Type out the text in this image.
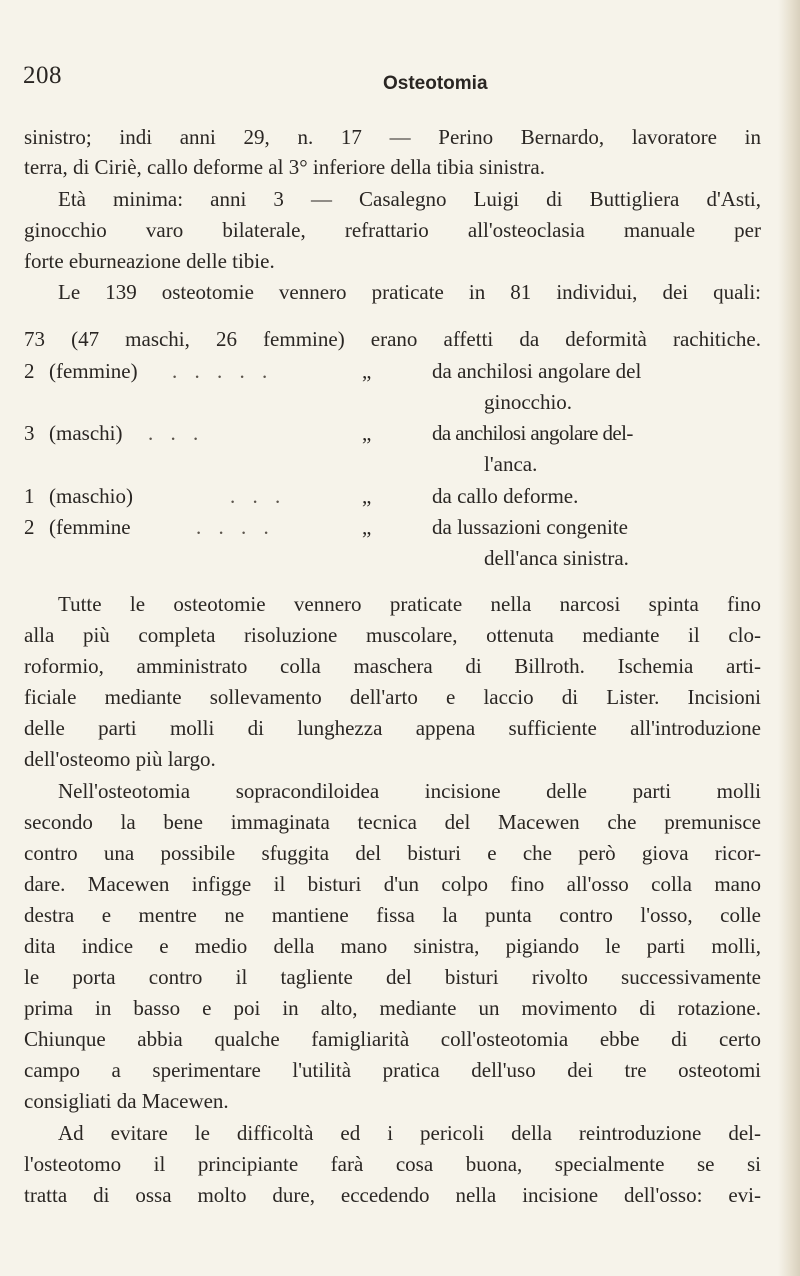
208	Osteotomia
sinistro; indi anni 29, n. 17 — Perino Bernardo, lavoratore in
terra, di Ciriè, callo deforme al 3° inferiore della tibia sinistra.
Età minima: anni 3 — Casalegno Luigi di Buttigliera d'Asti,
ginocchio varo bilaterale, refrattario all'osteoclasia manuale per
forte eburneazione delle tibie.
Le 139 osteotomie vennero praticate in 81 individui, dei quali:
73 (47 maschi, 26 femmine) erano affetti da deformità rachitiche.
2 (femmine) . . . . .	„	da anchilosi angolare del
ginocchio.
3 (maschi) . . .	„	da anchilosi angolare del-
l'anca.
1 (maschio)	. . .	„	da callo deforme.
2 (femmine	. . . .	„	da lussazioni congenite
dell'anca sinistra.
Tutte le osteotomie vennero praticate nella narcosi spinta fino
alla più completa risoluzione muscolare, ottenuta mediante il clo-
roformio, amministrato colla maschera di Billroth. Ischemia arti-
ficiale mediante sollevamento dell'arto e laccio di Lister. Incisioni
delle parti molli di lunghezza appena sufficiente all'introduzione
dell'osteomo più largo.
Nell'osteotomia sopracondiloidea incisione delle parti molli
secondo la bene immaginata tecnica del Macewen che premunisce
contro una possibile sfuggita del bisturi e che però giova ricor-
dare. Macewen infigge il bisturi d'un colpo fino all'osso colla mano
destra e mentre ne mantiene fissa la punta contro l'osso, colle
dita indice e medio della mano sinistra, pigiando le parti molli,
le porta contro il tagliente del bisturi rivolto successivamente
prima in basso e poi in alto, mediante un movimento di rotazione.
Chiunque abbia qualche famigliarità coll'osteotomia ebbe di certo
campo a sperimentare l'utilità pratica dell'uso dei tre osteotomi
consigliati da Macewen.
Ad evitare le difficoltà ed i pericoli della reintroduzione del-
l'osteotomo il principiante farà cosa buona, specialmente se si
tratta di ossa molto dure, eccedendo nella incisione dell'osso: evi-
